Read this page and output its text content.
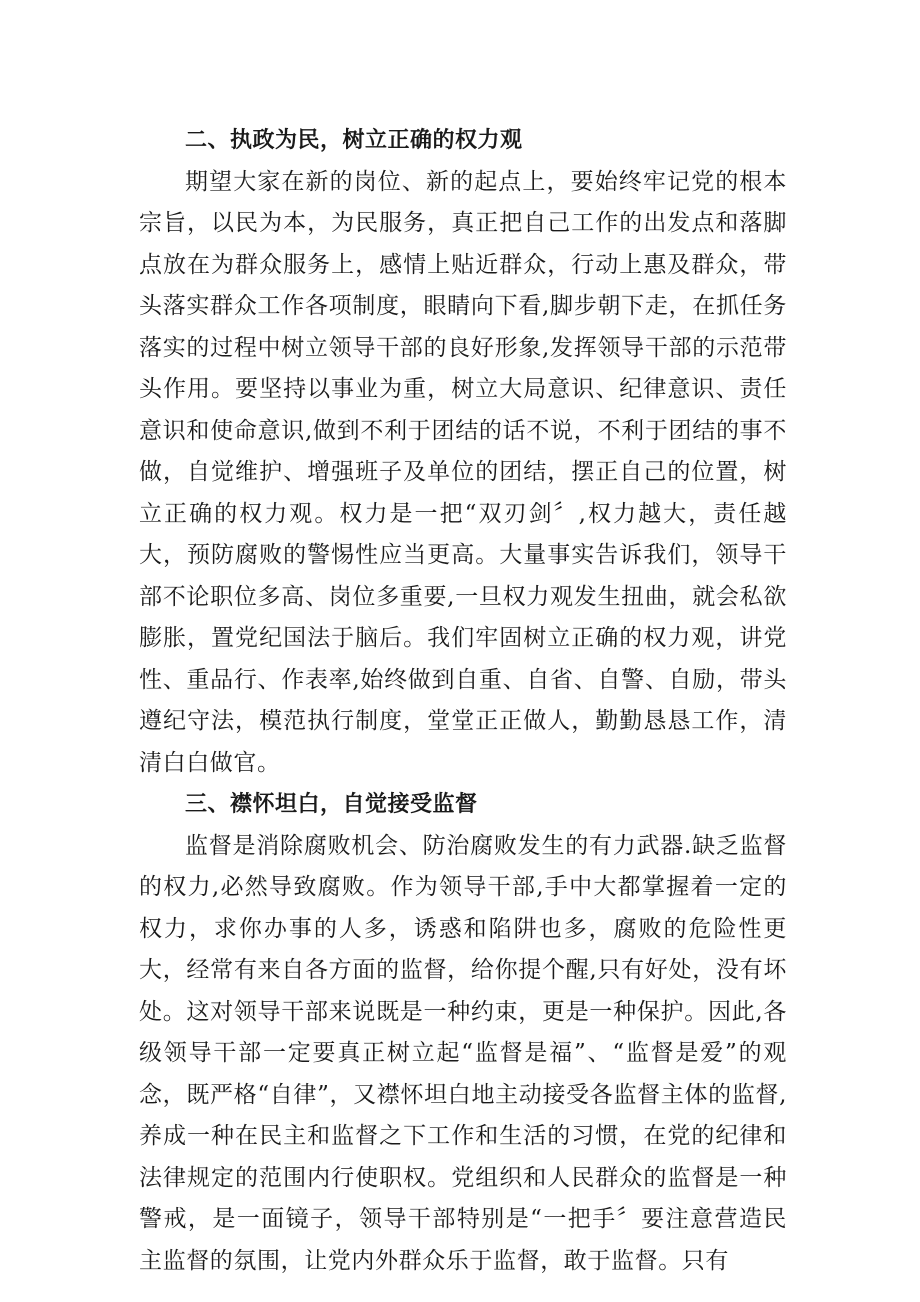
二、执政为民，树立正确的权力观

期望大家在新的岗位、新的起点上，要始终牢记党的根本宗旨，以民为本，为民服务，真正把自己工作的出发点和落脚点放在为群众服务上，感情上贴近群众，行动上惠及群众，带头落实群众工作各项制度，眼睛向下看,脚步朝下走，在抓任务落实的过程中树立领导干部的良好形象,发挥领导干部的示范带头作用。要坚持以事业为重，树立大局意识、纪律意识、责任意识和使命意识,做到不利于团结的话不说，不利于团结的事不做，自觉维护、增强班子及单位的团结，摆正自己的位置，树立正确的权力观。权力是一把“双刃剑〞,权力越大，责任越大，预防腐败的警惕性应当更高。大量事实告诉我们，领导干部不论职位多高、岗位多重要,一旦权力观发生扭曲，就会私欲膨胀，置党纪国法于脑后。我们牢固树立正确的权力观，讲党性、重品行、作表率,始终做到自重、自省、自警、自励，带头遵纪守法，模范执行制度，堂堂正正做人，勤勤恳恳工作，清清白白做官。

三、襟怀坦白，自觉接受监督

监督是消除腐败机会、防治腐败发生的有力武器.缺乏监督的权力,必然导致腐败。作为领导干部,手中大都掌握着一定的权力，求你办事的人多，诱惑和陷阱也多，腐败的危险性更大，经常有来自各方面的监督，给你提个醒,只有好处，没有坏处。这对领导干部来说既是一种约束，更是一种保护。因此,各级领导干部一定要真正树立起“监督是福”、“监督是爱”的观念，既严格“自律”，又襟怀坦白地主动接受各监督主体的监督,养成一种在民主和监督之下工作和生活的习惯，在党的纪律和法律规定的范围内行使职权。党组织和人民群众的监督是一种警戒，是一面镜子，领导干部特别是“一把手〞要注意营造民主监督的氛围，让党内外群众乐于监督，敢于监督。只有
